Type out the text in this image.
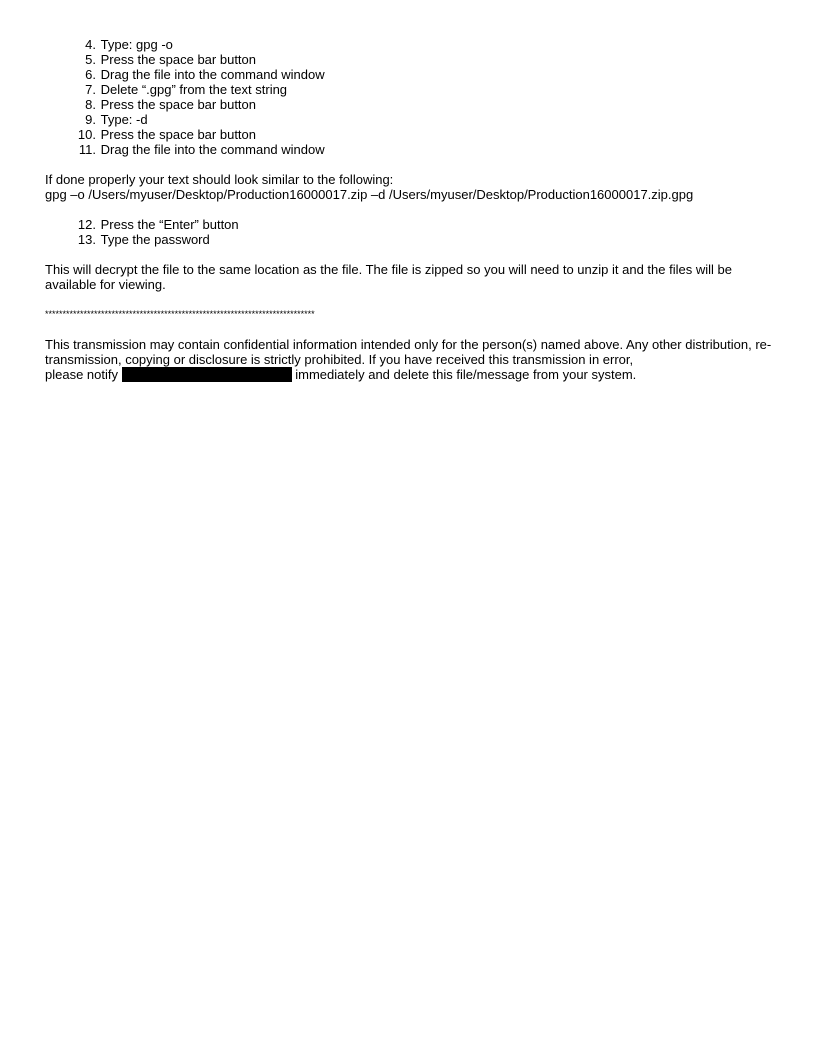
4.
Type: gpg -o
5.
Press the space bar button
6.
Drag the file into the command window
7.
Delete “.gpg” from the text string
8.
Press the space bar button
9.
Type: -d
10.
Press the space bar button
11.
Drag the file into the command window
If done properly your text should look similar to the following:
gpg –o /Users/myuser/Desktop/Production16000017.zip –d /Users/myuser/Desktop/Production16000017.zip.gpg
12.
Press the “Enter” button
13.
Type the password
This will decrypt the file to the same location as the file. The file is zipped so you will need to unzip it and the files will be available for viewing.
*****************************************************************************
This transmission may contain confidential information intended only for the person(s) named above. Any other distribution, re-transmission, copying or disclosure is strictly prohibited. If you have received this transmission in error,
please notify	immediately and delete this file/message from your system.
